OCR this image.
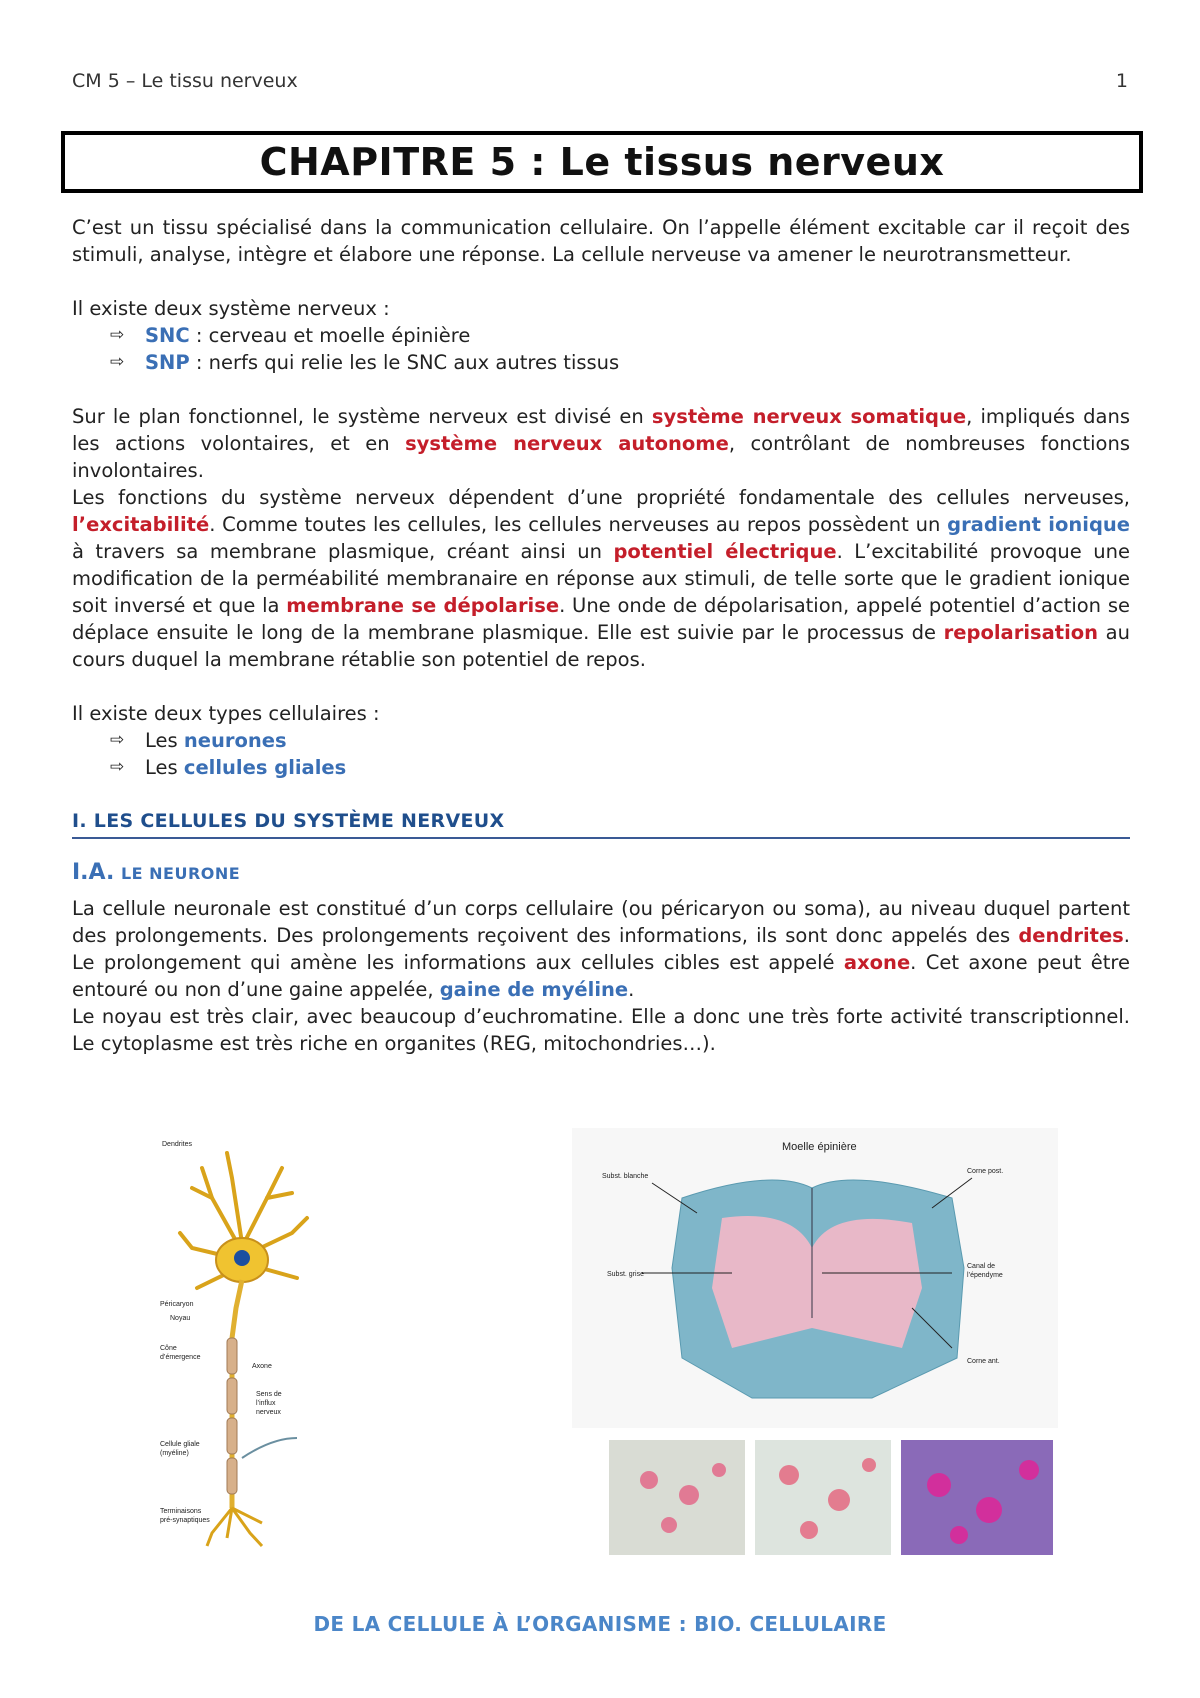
CM 5 – Le tissu nerveux	1
CHAPITRE 5 : Le tissus nerveux

C’est un tissu spécialisé dans la communication cellulaire. On l’appelle élément excitable car il reçoit des stimuli, analyse, intègre et élabore une réponse. La cellule nerveuse va amener le neurotransmetteur.

Il existe deux système nerveux :

⇨ SNC : cerveau et moelle épinière
⇨ SNP : nerfs qui relie les le SNC aux autres tissus

Sur le plan fonctionnel, le système nerveux est divisé en système nerveux somatique, impliqués dans les actions volontaires, et en système nerveux autonome, contrôlant de nombreuses fonctions involontaires.

Les fonctions du système nerveux dépendent d’une propriété fondamentale des cellules nerveuses, l’excitabilité. Comme toutes les cellules, les cellules nerveuses au repos possèdent un gradient ionique à travers sa membrane plasmique, créant ainsi un potentiel électrique. L’excitabilité provoque une modification de la perméabilité membranaire en réponse aux stimuli, de telle sorte que le gradient ionique soit inversé et que la membrane se dépolarise. Une onde de dépolarisation, appelé potentiel d’action se déplace ensuite le long de la membrane plasmique. Elle est suivie par le processus de repolarisation au cours duquel la membrane rétablie son potentiel de repos.

Il existe deux types cellulaires :

⇨ Les neurones
⇨ Les cellules gliales

I. LES CELLULES DU SYSTÈME NERVEUX

I.A. LE NEURONE

La cellule neuronale est constitué d’un corps cellulaire (ou péricaryon ou soma), au niveau duquel partent des prolongements. Des prolongements reçoivent des informations, ils sont donc appelés des dendrites. Le prolongement qui amène les informations aux cellules cibles est appelé axone. Cet axone peut être entouré ou non d’une gaine appelée, gaine de myéline.

Le noyau est très clair, avec beaucoup d’euchromatine. Elle a donc une très forte activité transcriptionnel. Le cytoplasme est très riche en organites (REG, mitochondries…).

Dendrites
Péricaryon
Noyau
Cône
d’émergence
Axone
Sens de
l’influx
nerveux
Cellule gliale
(myéline)
Terminaisons
pré-synaptiques
Moelle épinière
Subst. blanche
Subst. grise
Corne post.
Canal de
l’épendyme
Corne ant.
DE LA CELLULE À L’ORGANISME : BIO. CELLULAIRE
